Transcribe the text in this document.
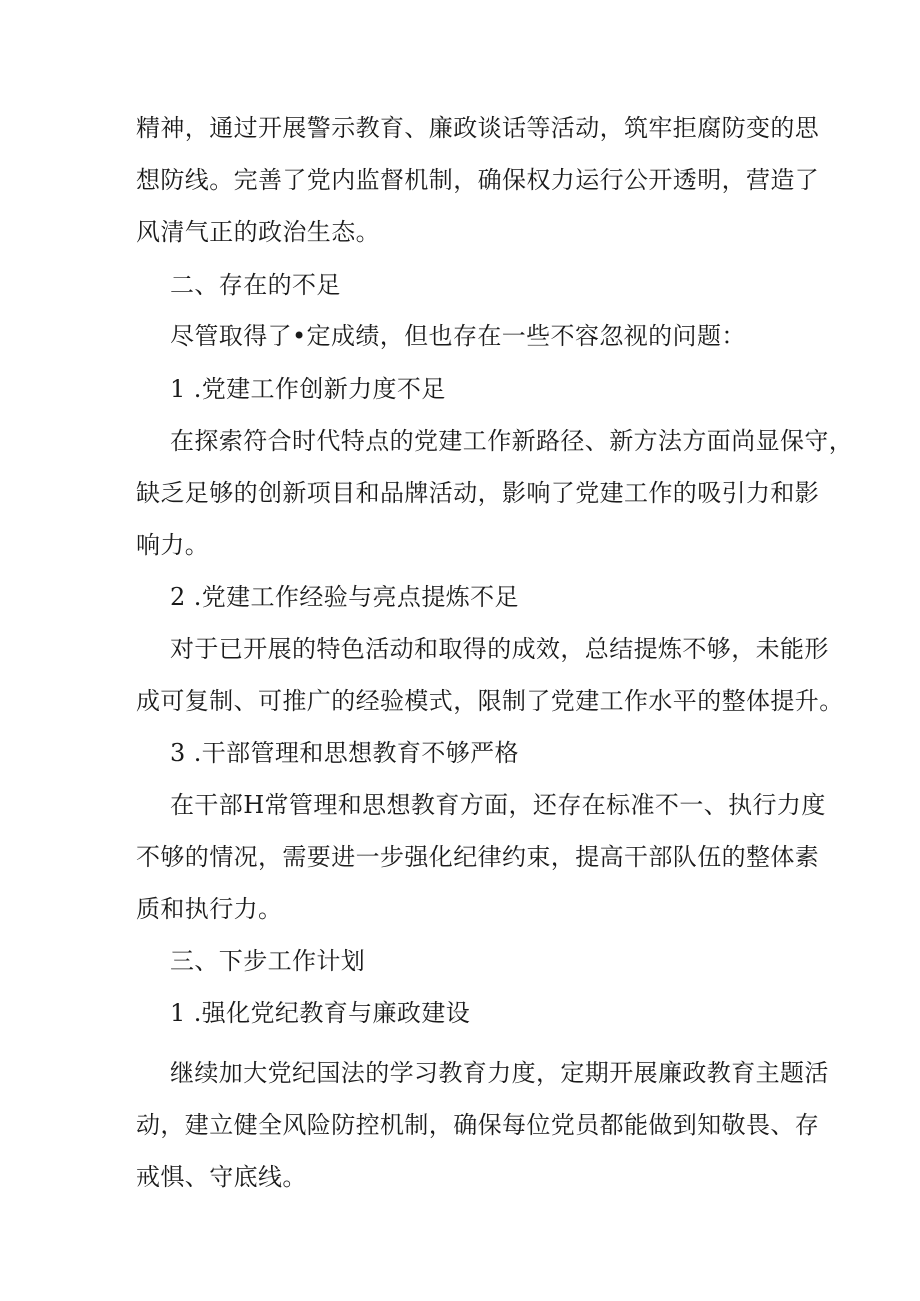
精神，通过开展警示教育、廉政谈话等活动，筑牢拒腐防变的思
想防线。完善了党内监督机制，确保权力运行公开透明，营造了
风清气正的政治生态。
二、存在的不足
尽管取得了•定成绩，但也存在一些不容忽视的问题：
1 .党建工作创新力度不足
在探索符合时代特点的党建工作新路径、新方法方面尚显保守，
缺乏足够的创新项目和品牌活动，影响了党建工作的吸引力和影
响力。
2 .党建工作经验与亮点提炼不足
对于已开展的特色活动和取得的成效，总结提炼不够，未能形
成可复制、可推广的经验模式，限制了党建工作水平的整体提升。
3 .干部管理和思想教育不够严格
在干部H常管理和思想教育方面，还存在标准不一、执行力度
不够的情况，需要进一步强化纪律约束，提高干部队伍的整体素
质和执行力。
三、下步工作计划
1 .强化党纪教育与廉政建设
继续加大党纪国法的学习教育力度，定期开展廉政教育主题活
动，建立健全风险防控机制，确保每位党员都能做到知敬畏、存
戒惧、守底线。
